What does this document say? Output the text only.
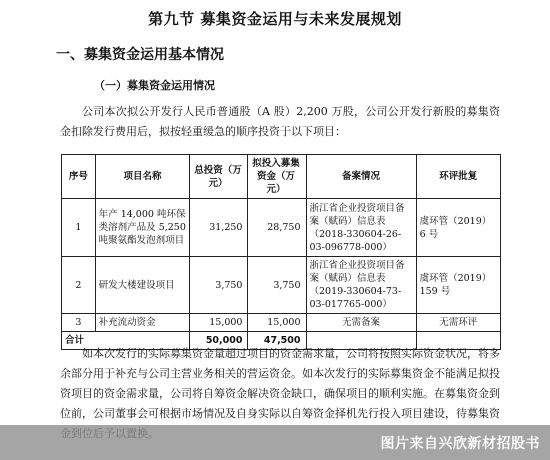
第九节 募集资金运用与未来发展规划
一、募集资金运用基本情况
（一）募集资金运用情况
公司本次拟公开发行人民币普通股（A 股）2,200 万股，公司公开发行新股的募集资金扣除发行费用后，拟按轻重缓急的顺序投资于以下项目：
序号	项目名称	总投资（万元）	拟投入募集资金（万元）	备案情况	环评批复
1	年产 14,000 吨环保类溶剂产品及 5,250 吨聚氨酯发泡剂项目	31,250	28,750	浙江省企业投资项目备案（赋码）信息表（2018-330604-26-03-096778-000）	虞环管（2019）6 号
2	研发大楼建设项目	3,750	3,750	浙江省企业投资项目备案（赋码）信息表（2019-330604-73-03-017765-000）	虞环管（2019）159 号
3	补充流动资金	15,000	15,000	无需备案	无需环评
合计		50,000	47,500		
如本次发行的实际募集资金量超过项目的资金需求量，公司将按照实际资金状况，将多余部分用于补充与公司主营业务相关的营运资金。如本次发行的实际募集资金不能满足拟投资项目的资金需求量，公司将自筹资金解决资金缺口，确保项目的顺利实施。在募集资金到位前，公司董事会可根据市场情况及自身实际以自筹资金择机先行投入项目建设，待募集资
图片来自兴欣新材招股书
